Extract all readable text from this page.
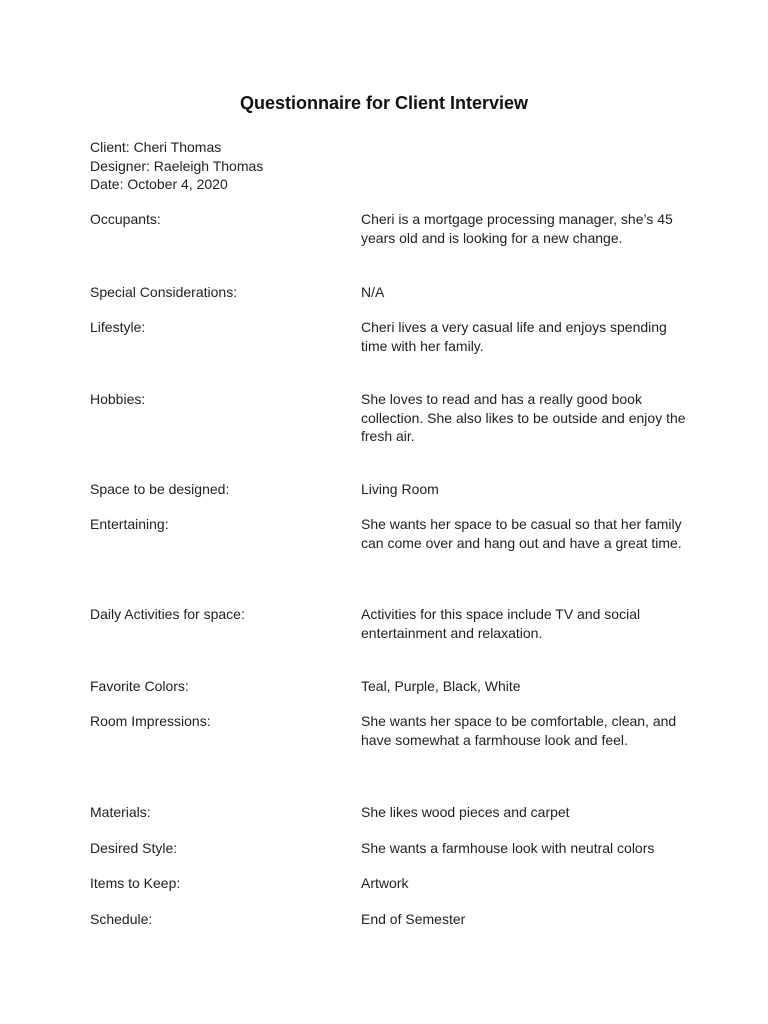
Questionnaire for Client Interview
Client: Cheri Thomas
Designer: Raeleigh Thomas
Date: October 4, 2020
Occupants:	Cheri is a mortgage processing manager, she’s 45 years old and is looking for a new change.
Special Considerations:	N/A
Lifestyle:	Cheri lives a very casual life and enjoys spending time with her family.
Hobbies:	She loves to read and has a really good book collection. She also likes to be outside and enjoy the fresh air.
Space to be designed:	Living Room
Entertaining:	She wants her space to be casual so that her family can come over and hang out and have a great time.
Daily Activities for space:	Activities for this space include TV and social entertainment and relaxation.
Favorite Colors:	Teal, Purple, Black, White
Room Impressions:	She wants her space to be comfortable, clean, and have somewhat a farmhouse look and feel.
Materials:	She likes wood pieces and carpet
Desired Style:	She wants a farmhouse look with neutral colors
Items to Keep:	Artwork
Schedule:	End of Semester
